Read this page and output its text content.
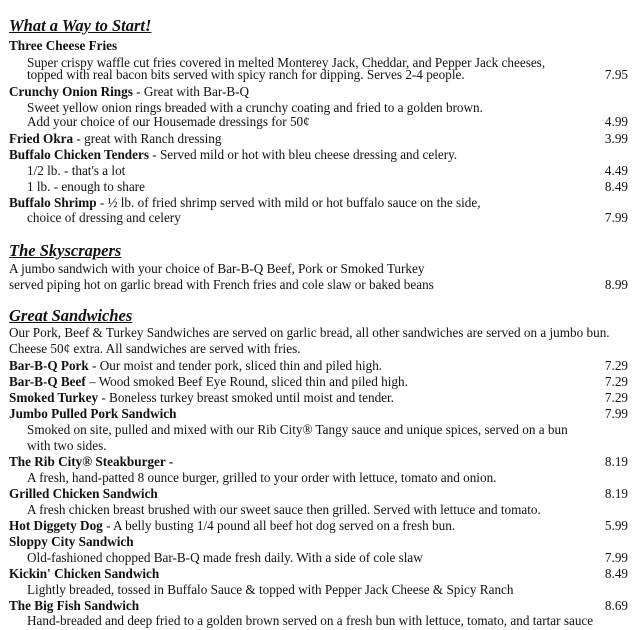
What a Way to Start!
Three Cheese Fries
Super crispy waffle cut fries covered in melted Monterey Jack, Cheddar, and Pepper Jack cheeses,
topped with real bacon bits served with spicy ranch for dipping. Serves 2-4 people.	7.95
Crunchy Onion Rings - Great with Bar-B-Q
Sweet yellow onion rings breaded with a crunchy coating and fried to a golden brown.
Add your choice of our Housemade dressings for 50¢	4.99
Fried Okra - great with Ranch dressing	3.99
Buffalo Chicken Tenders - Served mild or hot with bleu cheese dressing and celery.
1/2 lb. - that's a lot	4.49
1 lb. - enough to share	8.49
Buffalo Shrimp - ½ lb. of fried shrimp served with mild or hot buffalo sauce on the side,
choice of dressing and celery	7.99
The Skyscrapers
A jumbo sandwich with your choice of Bar-B-Q Beef, Pork or Smoked Turkey
served piping hot on garlic bread with French fries and cole slaw or baked beans	8.99
Great Sandwiches
Our Pork, Beef & Turkey Sandwiches are served on garlic bread, all other sandwiches are served on a jumbo bun.
Cheese 50¢ extra. All sandwiches are served with fries.
Bar-B-Q Pork - Our moist and tender pork, sliced thin and piled high.	7.29
Bar-B-Q Beef – Wood smoked Beef Eye Round, sliced thin and piled high.	7.29
Smoked Turkey - Boneless turkey breast smoked until moist and tender.	7.29
Jumbo Pulled Pork Sandwich	7.99
Smoked on site, pulled and mixed with our Rib City® Tangy sauce and unique spices, served on a bun
with two sides.
The Rib City® Steakburger -	8.19
A fresh, hand-patted 8 ounce burger, grilled to your order with lettuce, tomato and onion.
Grilled Chicken Sandwich	8.19
A fresh chicken breast brushed with our sweet sauce then grilled. Served with lettuce and tomato.
Hot Diggety Dog - A belly busting 1/4 pound all beef hot dog served on a fresh bun.	5.99
Sloppy City Sandwich
Old-fashioned chopped Bar-B-Q made fresh daily. With a side of cole slaw	7.99
Kickin' Chicken Sandwich	8.49
Lightly breaded, tossed in Buffalo Sauce & topped with Pepper Jack Cheese & Spicy Ranch
The Big Fish Sandwich	8.69
Hand-breaded and deep fried to a golden brown served on a fresh bun with lettuce, tomato, and tartar sauce
